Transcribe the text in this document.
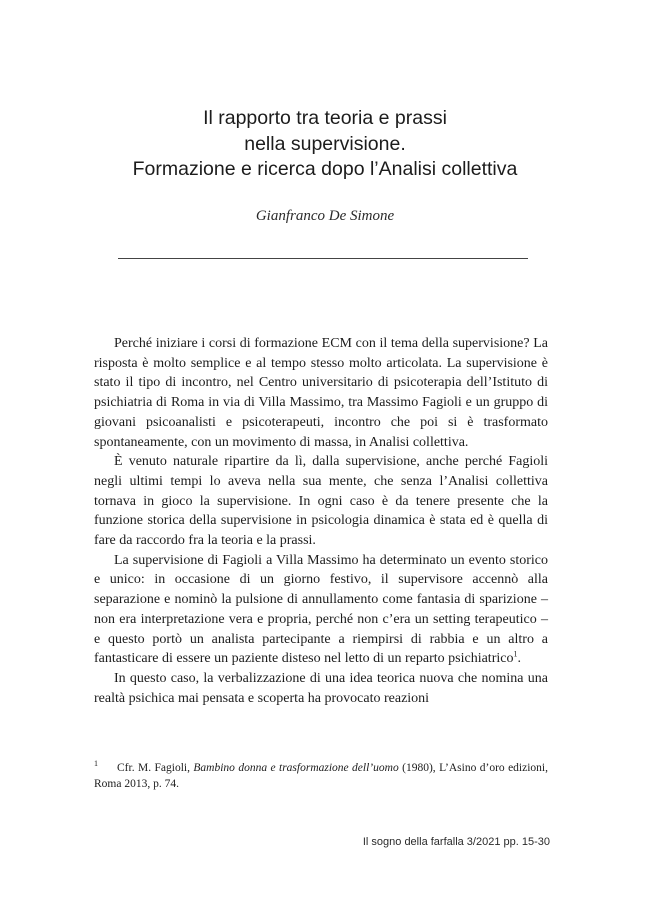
Il rapporto tra teoria e prassi
nella supervisione.
Formazione e ricerca dopo l’Analisi collettiva
Gianfranco De Simone

Perché iniziare i corsi di formazione ECM con il tema della supervisione? La risposta è molto semplice e al tempo stesso molto articolata. La supervisione è stato il tipo di incontro, nel Centro universitario di psicoterapia dell’Istituto di psichiatria di Roma in via di Villa Massimo, tra Massimo Fagioli e un gruppo di giovani psicoanalisti e psicoterapeuti, incontro che poi si è trasformato spontaneamente, con un movimento di massa, in Analisi collettiva.

È venuto naturale ripartire da lì, dalla supervisione, anche perché Fagioli negli ultimi tempi lo aveva nella sua mente, che senza l’Analisi collettiva tornava in gioco la supervisione. In ogni caso è da tenere presente che la funzione storica della supervisione in psicologia dinamica è stata ed è quella di fare da raccordo fra la teoria e la prassi.

La supervisione di Fagioli a Villa Massimo ha determinato un evento storico e unico: in occasione di un giorno festivo, il supervisore accennò alla separazione e nominò la pulsione di annullamento come fantasia di sparizione – non era interpretazione vera e propria, perché non c’era un setting terapeutico – e questo portò un analista partecipante a riempirsi di rabbia e un altro a fantasticare di essere un paziente disteso nel letto di un reparto psichiatrico$^1$.

In questo caso, la verbalizzazione di una idea teorica nuova che nomina una realtà psichica mai pensata e scoperta ha provocato reazioni

1 Cfr. M. Fagioli, Bambino donna e trasformazione dell’uomo (1980), L’Asino d’oro edizioni, Roma 2013, p. 74.
Il sogno della farfalla 3/2021 pp. 15-30
